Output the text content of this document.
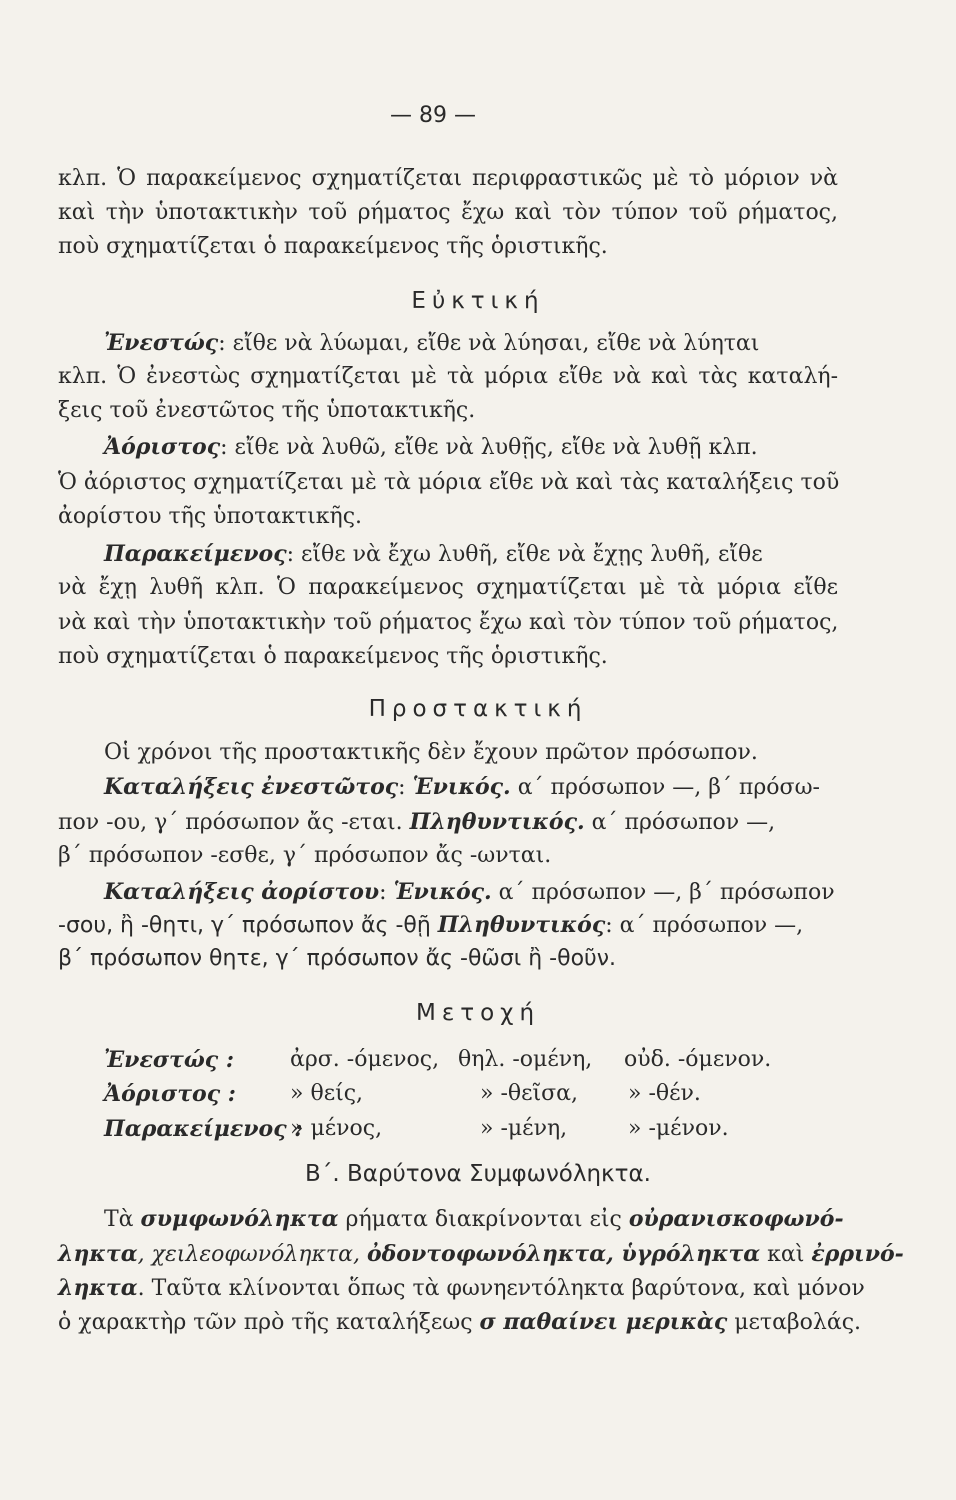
— 89 —
κλπ. Ὁ παρακείμενος σχηματίζεται περιφραστικῶς μὲ τὸ μόριον νὰ
καὶ τὴν ὑποτακτικὴν τοῦ ρήματος ἔχω καὶ τὸν τύπον τοῦ ρήματος,
ποὺ σχηματίζεται ὁ παρακείμενος τῆς ὁριστικῆς.
Εὐκτική
Ἐνεστώς: εἴθε νὰ λύωμαι, εἴθε νὰ λύησαι, εἴθε νὰ λύηται
κλπ. Ὁ ἐνεστὼς σχηματίζεται μὲ τὰ μόρια εἴθε νὰ καὶ τὰς καταλή-
ξεις τοῦ ἐνεστῶτος τῆς ὑποτακτικῆς.
Ἀόριστος: εἴθε νὰ λυθῶ, εἴθε νὰ λυθῇς, εἴθε νὰ λυθῇ κλπ.
Ὁ ἀόριστος σχηματίζεται μὲ τὰ μόρια εἴθε νὰ καὶ τὰς καταλήξεις τοῦ
ἀορίστου τῆς ὑποτακτικῆς.
Παρακείμενος: εἴθε νὰ ἔχω λυθῆ, εἴθε νὰ ἔχῃς λυθῆ, εἴθε
νὰ ἔχῃ λυθῆ κλπ. Ὁ παρακείμενος σχηματίζεται μὲ τὰ μόρια εἴθε
νὰ καὶ τὴν ὑποτακτικὴν τοῦ ρήματος ἔχω καὶ τὸν τύπον τοῦ ρήματος,
ποὺ σχηματίζεται ὁ παρακείμενος τῆς ὁριστικῆς.
Προστακτική
Οἱ χρόνοι τῆς προστακτικῆς δὲν ἔχουν πρῶτον πρόσωπον.
Καταλήξεις ἐνεστῶτος: Ἑνικός. α΄ πρόσωπον —, β΄ πρόσω-
πον -ου, γ΄ πρόσωπον ἄς -εται. Πληθυντικός. α΄ πρόσωπον —,
β΄ πρόσωπον -εσθε, γ΄ πρόσωπον ἄς -ωνται.
Καταλήξεις ἀορίστου: Ἑνικός. α΄ πρόσωπον —, β΄ πρόσωπον
-σου, ἢ -θητι, γ΄ πρόσωπον ἄς -θῇ Πληθυντικός: α΄ πρόσωπον —,
β΄ πρόσωπον θητε, γ΄ πρόσωπον ἄς -θῶσι ἢ -θοῦν.
Μετοχή
Ἐνεστώς :	ἀρσ. -όμενος, θηλ. -ομένη, οὐδ. -όμενον.
Ἀόριστος : » θείς,	» -θεῖσα, » -θέν.
Παρακείμενος :
» μένος,	» -μένη,	» -μένον.
Β΄. Βαρύτονα Συμφωνόληκτα.
Τὰ συμφωνόληκτα ρήματα διακρίνονται εἰς οὐρανισκοφωνό-
ληκτα, χειλεοφωνόληκτα, ὀδοντοφωνόληκτα, ὑγρόληκτα καὶ ἐρρινό-
ληκτα. Ταῦτα κλίνονται ὅπως τὰ φωνηεντόληκτα βαρύτονα, καὶ μόνον
ὁ χαρακτὴρ τῶν πρὸ τῆς καταλήξεως σ παθαίνει μερικὰς μεταβολάς.
